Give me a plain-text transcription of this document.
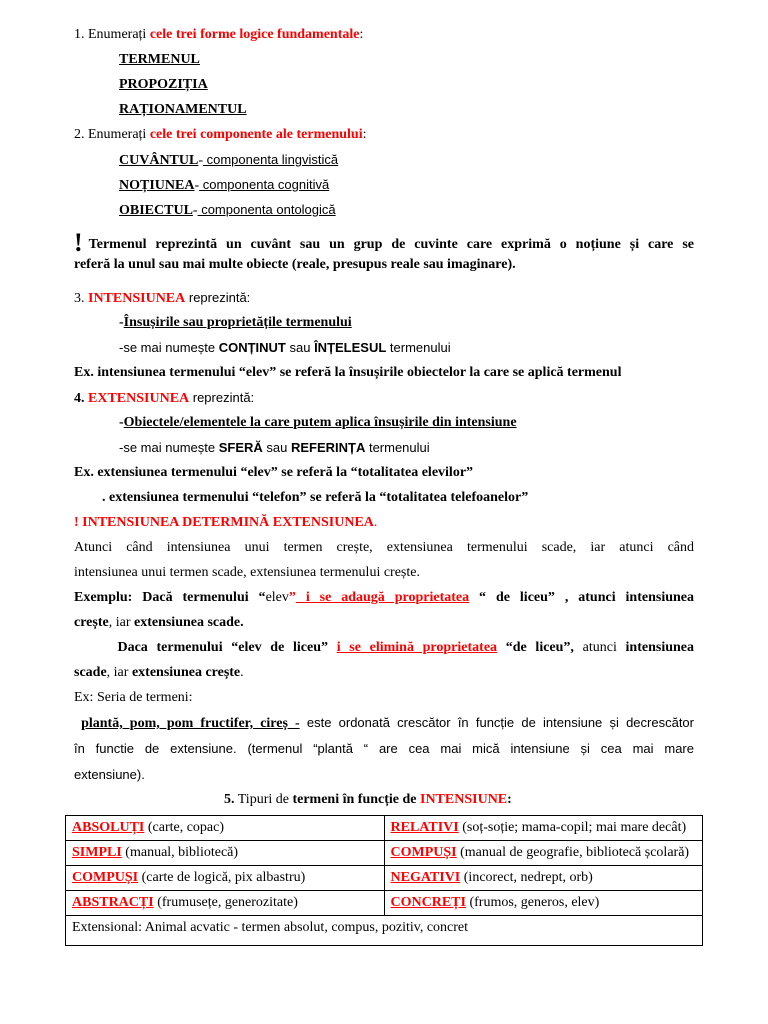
1. Enumerați cele trei forme logice fundamentale:
TERMENUL
PROPOZIȚIA
RAȚIONAMENTUL
2. Enumerați cele trei componente ale termenului:
CUVÂNTUL- componenta lingvistică
NOȚIUNEA- componenta cognitivă
OBIECTUL- componenta ontologică
! Termenul reprezintă un cuvânt sau un grup de cuvinte care exprimă o noțiune și care se
referă la unul sau mai multe obiecte (reale, presupus reale sau imaginare).
3. INTENSIUNEA reprezintă:
-Însușirile sau proprietățile termenului
-se mai numește CONȚINUT sau ÎNȚELESUL termenului
Ex. intensiunea termenului “elev” se referă la însușirile obiectelor la care se aplică termenul
4. EXTENSIUNEA reprezintă:
-Obiectele/elementele la care putem aplica însușirile din intensiune
-se mai numește SFERĂ sau REFERINȚA termenului
Ex. extensiunea termenului “elev” se referă la “totalitatea elevilor”
. extensiunea termenului “telefon” se referă la “totalitatea telefoanelor”
! INTENSIUNEA DETERMINĂ EXTENSIUNEA.
Atunci când intensiunea unui termen crește, extensiunea termenului scade, iar atunci când
intensiunea unui termen scade, extensiunea termenului crește.
Exemplu: Dacă termenului “elev” i se adaugă proprietatea “ de liceu” , atunci intensiunea
crește, iar extensiunea scade.
Daca termenului “elev de liceu” i se elimină proprietatea “de liceu”, atunci intensiunea
scade, iar extensiunea crește.
Ex: Seria de termeni:
plantă, pom, pom fructifer, cireș - este ordonată crescător în funcție de intensiune și decrescător
în functie de extensiune. (termenul “plantă “ are cea mai mică intensiune și cea mai mare
extensiune).
5. Tipuri de termeni în funcție de INTENSIUNE:
ABSOLUȚI (carte, copac)	RELATIVI (soț-soție; mama-copil; mai mare decât)
SIMPLI (manual, bibliotecă)	COMPUȘI (manual de geografie, bibliotecă școlară)
COMPUȘI (carte de logică, pix albastru)	NEGATIVI (incorect, nedrept, orb)
ABSTRACȚI (frumusețe, generozitate)	CONCREȚI (frumos, generos, elev)
Extensional: Animal acvatic - termen absolut, compus, pozitiv, concret	
